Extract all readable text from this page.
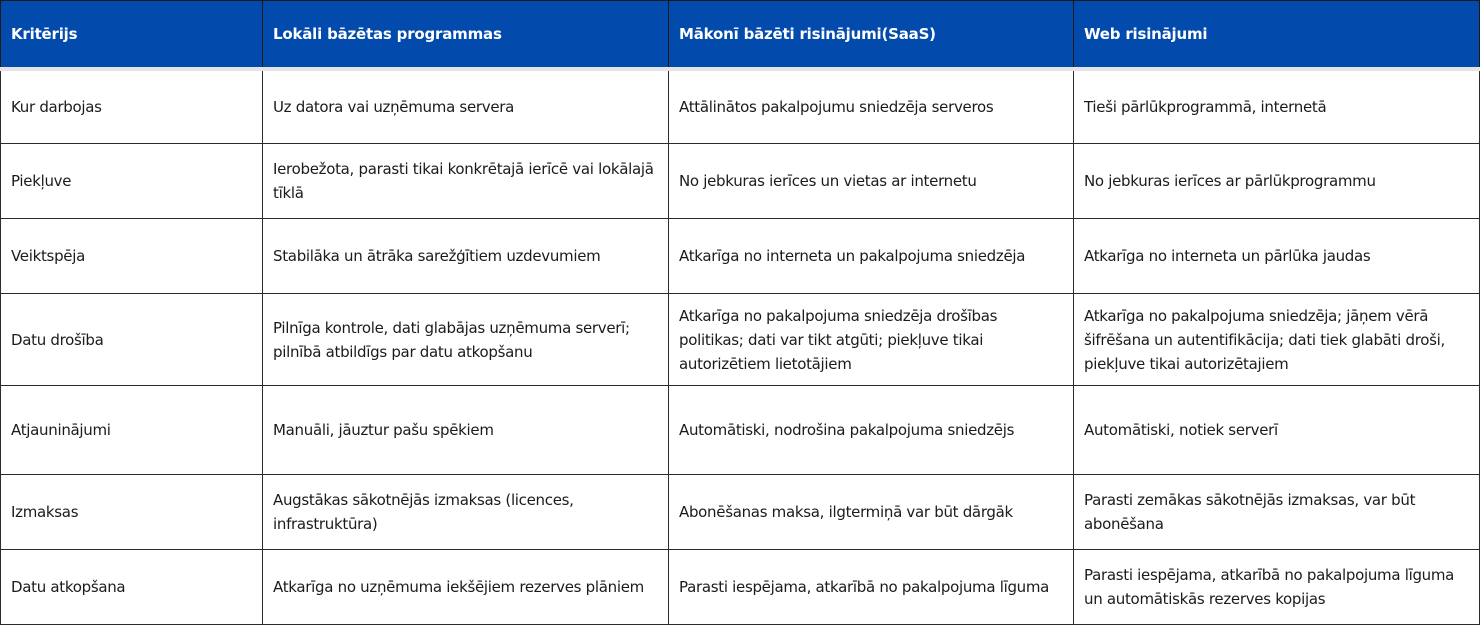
Kritērijs	Lokāli bāzētas programmas	Mākonī bāzēti risinājumi(SaaS)	Web risinājumi
Kur darbojas	Uz datora vai uzņēmuma servera	Attālinātos pakalpojumu sniedzēja serveros	Tieši pārlūkprogrammā, internetā
Piekļuve	Ierobežota, parasti tikai konkrētajā ierīcē vai lokālajā tīklā	No jebkuras ierīces un vietas ar internetu	No jebkuras ierīces ar pārlūkprogrammu
Veiktspēja	Stabilāka un ātrāka sarežģītiem uzdevumiem	Atkarīga no interneta un pakalpojuma sniedzēja	Atkarīga no interneta un pārlūka jaudas
Datu drošība	Pilnīga kontrole, dati glabājas uzņēmuma serverī; pilnībā atbildīgs par datu atkopšanu	Atkarīga no pakalpojuma sniedzēja drošības politikas; dati var tikt atgūti; piekļuve tikai autorizētiem lietotājiem	Atkarīga no pakalpojuma sniedzēja; jāņem vērā šifrēšana un autentifikācija; dati tiek glabāti droši, piekļuve tikai autorizētajiem
Atjauninājumi	Manuāli, jāuztur pašu spēkiem	Automātiski, nodrošina pakalpojuma sniedzējs	Automātiski, notiek serverī
Izmaksas	Augstākas sākotnējās izmaksas (licences, infrastruktūra)	Abonēšanas maksa, ilgtermiņā var būt dārgāk	Parasti zemākas sākotnējās izmaksas, var būt abonēšana
Datu atkopšana	Atkarīga no uzņēmuma iekšējiem rezerves plāniem	Parasti iespējama, atkarībā no pakalpojuma līguma	Parasti iespējama, atkarībā no pakalpojuma līguma un automātiskās rezerves kopijas
